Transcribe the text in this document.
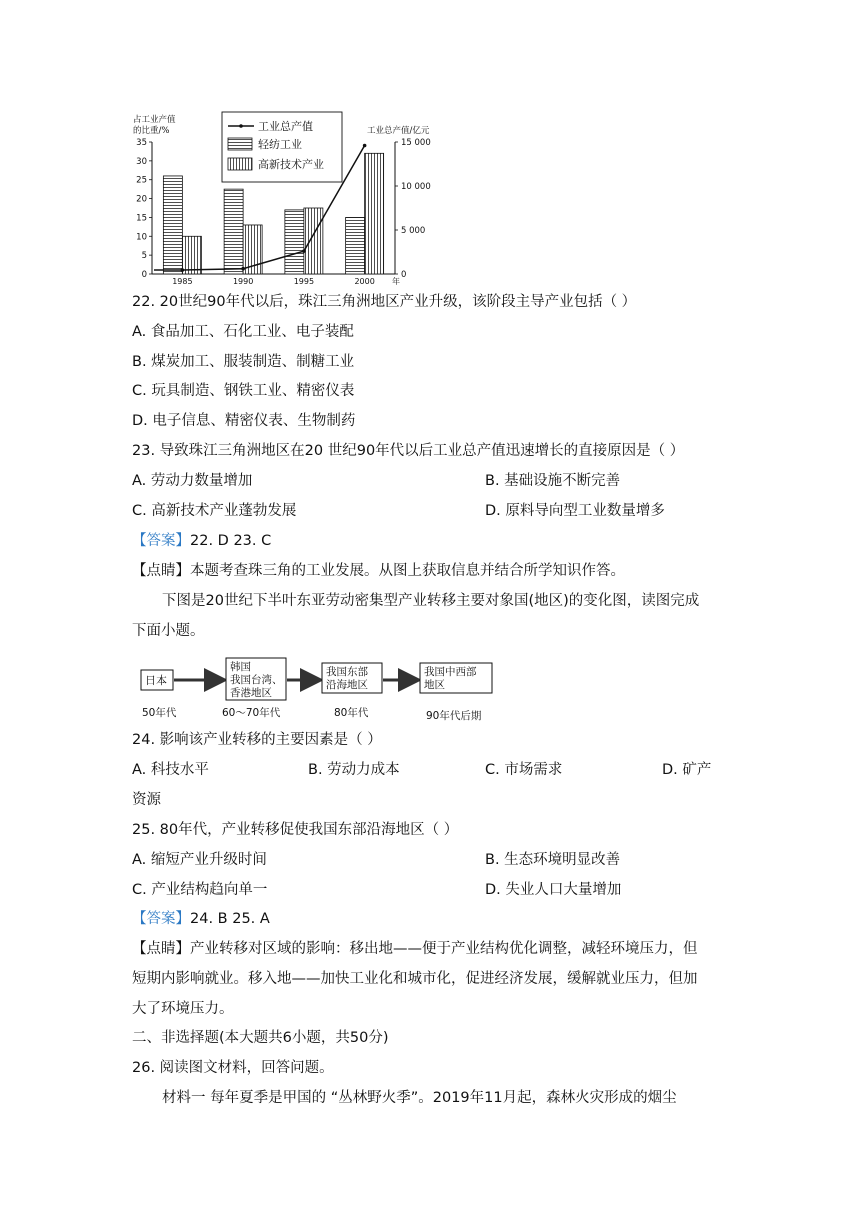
占工业产值
的比重/%	工业总产值/亿元
0
5
10
15
20
25
30
35
0
5 000
10 000
15 000
1985	1990	1995	2000 年
工业总产值
轻纺工业
高新技术产业
22. 20世纪90年代以后，珠江三角洲地区产业升级，该阶段主导产业包括（ ）
A. 食品加工、石化工业、电子装配
B. 煤炭加工、服装制造、制糖工业
C. 玩具制造、钢铁工业、精密仪表
D. 电子信息、精密仪表、生物制药
23. 导致珠江三角洲地区在20 世纪90年代以后工业总产值迅速增长的直接原因是（ ）
A. 劳动力数量增加	B. 基础设施不断完善
C. 高新技术产业蓬勃发展	D. 原料导向型工业数量增多
【答案】22. D 23. C
【点睛】本题考查珠三角的工业发展。从图上获取信息并结合所学知识作答。
下图是20世纪下半叶东亚劳动密集型产业转移主要对象国(地区)的变化图，读图完成
下面小题。
日本
韩国
我国台湾、
香港地区
我国东部
沿海地区
我国中西部
地区
50年代	60～70年代	80年代	90年代后期
24. 影响该产业转移的主要因素是（ ）
A. 科技水平	B. 劳动力成本	C. 市场需求	D. 矿产
资源
25. 80年代，产业转移促使我国东部沿海地区（ ）
A. 缩短产业升级时间	B. 生态环境明显改善
C. 产业结构趋向单一	D. 失业人口大量增加
【答案】24. B 25. A
【点睛】产业转移对区域的影响：移出地——便于产业结构优化调整，减轻环境压力，但
短期内影响就业。移入地——加快工业化和城市化，促进经济发展，缓解就业压力，但加
大了环境压力。
二、非选择题(本大题共6小题，共50分)
26. 阅读图文材料，回答问题。
材料一 每年夏季是甲国的 “丛林野火季”。2019年11月起，森林火灾形成的烟尘
